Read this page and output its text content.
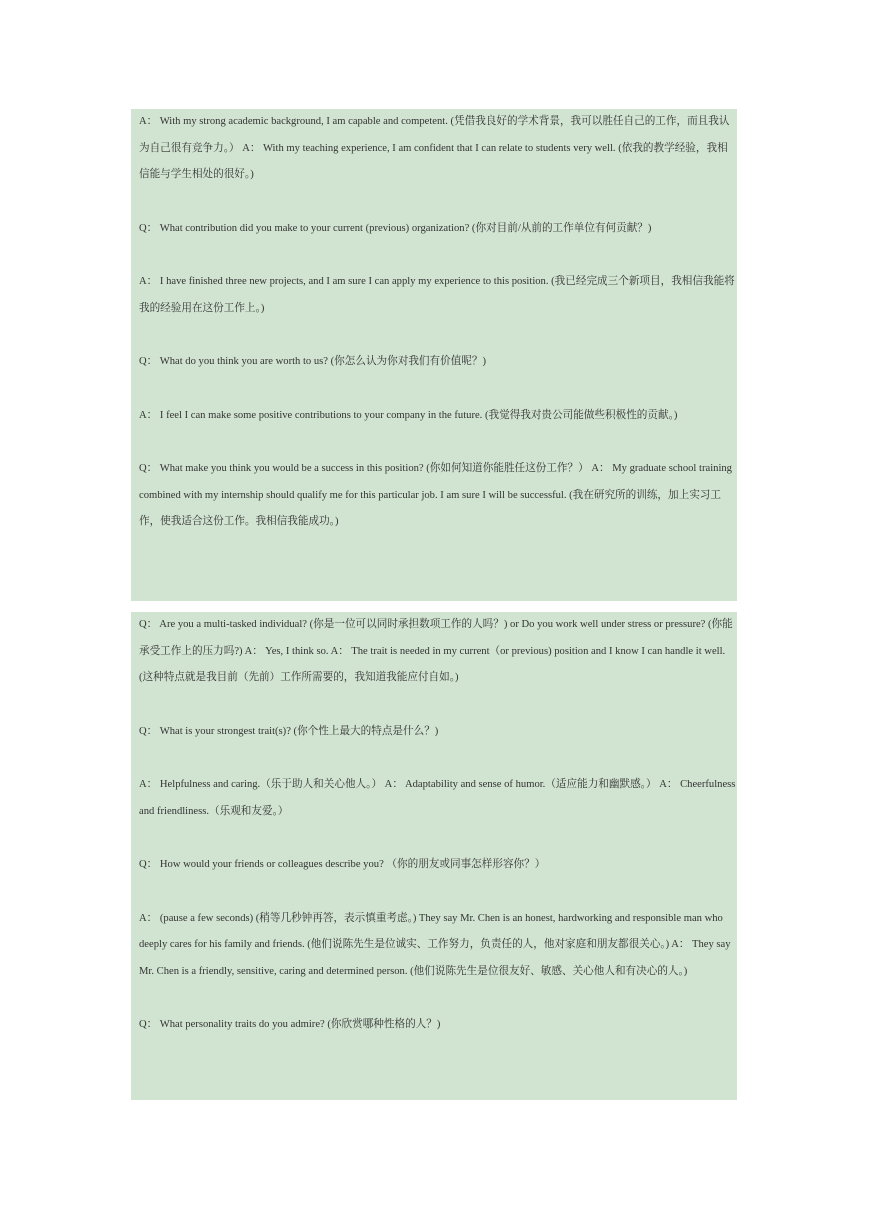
A： With my strong academic background, I am capable and competent. (凭借我良好的学术背景，我可以胜任自己的工作，而且我认为自己很有竞争力。） A： With my teaching experience, I am confident that I can relate to students very well. (依我的教学经验，我相信能与学生相处的很好。)

Q： What contribution did you make to your current (previous) organization? (你对目前/从前的工作单位有何贡献？)

A： I have finished three new projects, and I am sure I can apply my experience to this position. (我已经完成三个新项目，我相信我能将我的经验用在这份工作上。)

Q： What do you think you are worth to us? (你怎么认为你对我们有价值呢？)

A： I feel I can make some positive contributions to your company in the future. (我觉得我对贵公司能做些积极性的贡献。)

Q： What make you think you would be a success in this position? (你如何知道你能胜任这份工作？） A： My graduate school training combined with my internship should qualify me for this particular job. I am sure I will be successful. (我在研究所的训练，加上实习工作，使我适合这份工作。我相信我能成功。)

Q： Are you a multi-tasked individual? (你是一位可以同时承担数项工作的人吗？) or Do you work well under stress or pressure? (你能承受工作上的压力吗?) A： Yes, I think so. A： The trait is needed in my current（or previous) position and I know I can handle it well. (这种特点就是我目前（先前）工作所需要的，我知道我能应付自如。)

Q： What is your strongest trait(s)? (你个性上最大的特点是什么？)

A： Helpfulness and caring.（乐于助人和关心他人。） A： Adaptability and sense of humor.（适应能力和幽默感。） A： Cheerfulness and friendliness.（乐观和友爱。）

Q： How would your friends or colleagues describe you? （你的朋友或同事怎样形容你？）

A： (pause a few seconds) (稍等几秒钟再答，表示慎重考虑。) They say Mr. Chen is an honest, hardworking and responsible man who deeply cares for his family and friends. (他们说陈先生是位诚实、工作努力，负责任的人，他对家庭和朋友都很关心。) A： They say Mr. Chen is a friendly, sensitive, caring and determined person. (他们说陈先生是位很友好、敏感、关心他人和有决心的人。)

Q： What personality traits do you admire? (你欣赏哪种性格的人？)
